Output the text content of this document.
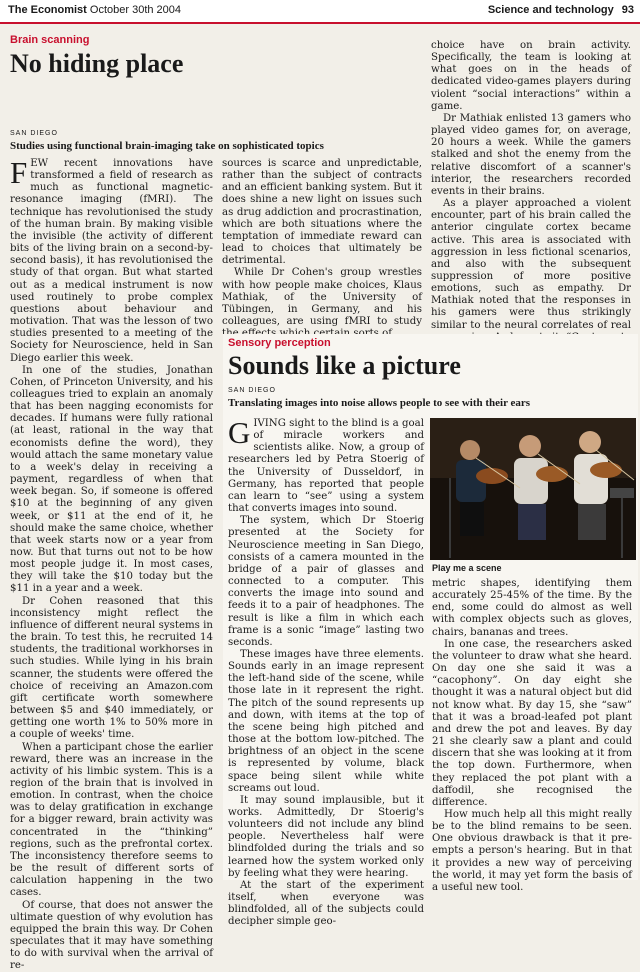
The Economist October 30th 2004	Science and technology 93
Brain scanning
No hiding place
SAN DIEGO
Studies using functional brain-imaging take on sophisticated topics

FEW recent innovations have transformed a field of research as much as functional magnetic-resonance imaging (fMRI). The technique has revolutionised the study of the human brain. By making visible the invisible (the activity of different bits of the living brain on a second-by-second basis), it has revolutionised the study of that organ. But what started out as a medical instrument is now used routinely to probe complex questions about behaviour and motivation. That was the lesson of two studies presented to a meeting of the Society for Neuroscience, held in San Diego earlier this week.

In one of the studies, Jonathan Cohen, of Princeton University, and his colleagues tried to explain an anomaly that has been nagging economists for decades. If humans were fully rational (at least, rational in the way that economists define the word), they would attach the same monetary value to a week's delay in receiving a payment, regardless of when that week began. So, if someone is offered $10 at the beginning of any given week, or $11 at the end of it, he should make the same choice, whether that week starts now or a year from now. But that turns out not to be how most people judge it. In most cases, they will take the $10 today but the $11 in a year and a week.

Dr Cohen reasoned that this inconsistency might reflect the influence of different neural systems in the brain. To test this, he recruited 14 students, the traditional workhorses in such studies. While lying in his brain scanner, the students were offered the choice of receiving an Amazon.com gift certificate worth somewhere between $5 and $40 immediately, or getting one worth 1% to 50% more in a couple of weeks' time.

When a participant chose the earlier reward, there was an increase in the activity of his limbic system. This is a region of the brain that is involved in emotion. In contrast, when the choice was to delay gratification in exchange for a bigger reward, brain activity was concentrated in the “thinking” regions, such as the prefrontal cortex. The inconsistency therefore seems to be the result of different sorts of calculation happening in the two cases.

Of course, that does not answer the ultimate question of why evolution has equipped the brain this way. Dr Cohen speculates that it may have something to do with survival when the arrival of re-

sources is scarce and unpredictable, rather than the subject of contracts and an efficient banking system. But it does shine a new light on issues such as drug addiction and procrastination, which are both situations where the temptation of immediate reward can lead to choices that ultimately be detrimental.

While Dr Cohen's group wrestles with how people make choices, Klaus Mathiak, of the University of Tübingen, in Germany, and his colleagues, are using fMRI to study

choice have on brain activity. Specifically, the team is looking at what goes on in the heads of dedicated video-games players during violent “social interactions” within a game.

Dr Mathiak enlisted 13 gamers who played video games for, on average, 20 hours a week. While the gamers stalked and shot the enemy from the relative discomfort of a scanner's interior, the researchers recorded events in their brains.

As a player approached a violent encounter, part of his brain called the anterior cingulate cortex became active. This area is associated with aggression in less fictional scenarios, and also with the subsequent suppression of more positive emotions, such as empathy. Dr Mathiak noted that the responses in his gamers were thus strikingly similar to the neural correlates of real

Sensory perception
Sounds like a picture
SAN DIEGO
Translating images into noise allows people to see with their ears

GIVING sight to the blind is a goal of miracle workers and scientists alike. Now, a group of researchers led by Petra Stoerig of the University of Dusseldorf, in Germany, has reported that people can learn to “see” using a system that converts images into sound.

The system, which Dr Stoerig presented at the Society for Neuroscience meeting in San Diego, consists of a camera mounted in the bridge of a pair of glasses and connected to a computer. This converts the image into sound and feeds it to a pair of headphones. The result is like a film in which each frame is a sonic “image” lasting two seconds.

These images have three elements. Sounds early in an image represent the left-hand side of the scene, while those late in it represent the right. The pitch of the sound represents up and down, with items at the top of the scene being high pitched and those at the bottom low-pitched. The brightness of an object in the scene is represented by volume, black space being silent while white screams out loud.

It may sound implausible, but it works. Admittedly, Dr Stoerig's volunteers did not include any blind people. Nevertheless half were blindfolded during the trials and so learned how the system worked only by feeling what they were hearing.

At the start of the experiment itself, when everyone was blindfolded, all of the subjects could decipher simple geo-

Play me a scene

metric shapes, identifying them accurately 25-45% of the time. By the end, some could do almost as well with complex objects such as gloves, chairs, bananas and trees.

In one case, the researchers asked the volunteer to draw what she heard. On day one she said it was a “cacophony”. On day eight she thought it was a natural object but did not know what. By day 15, she “saw” that it was a broad-leafed pot plant and drew the pot and leaves. By day 21 she clearly saw a plant and could discern that she was looking at it from the top down. Furthermore, when they replaced the pot plant with a daffodil, she recognised the difference.

How much help all this might really be to the blind remains to be seen. One obvious drawback is that it pre-empts a person's hearing. But in that it provides a new way of perceiving the world, it may yet form the basis of a useful new tool.
